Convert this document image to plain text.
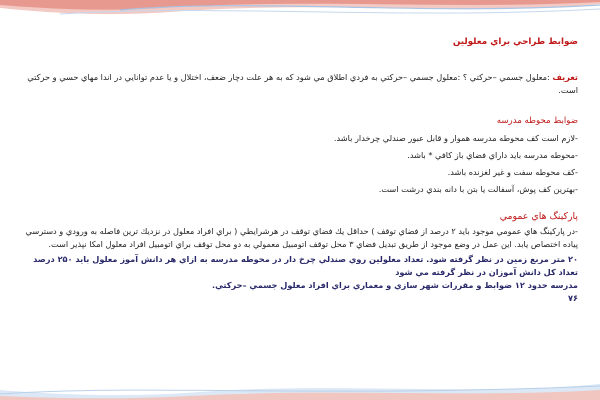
ضوابط طراحي براي معلولين
تعريف :معلول جسمي –حركتي ؟ :معلول جسمي –حركتي به فردي اطلاق مي شود كه به هر علت دچار ضعف، اختلال و يا عدم توانايي در اندا مهاي حسي و حركتي است.
ضوابط محوطه مدرسه
-لازم است كف محوطه مدرسه هموار و قابل عبور صندلي چرخدار باشد.
-محوطه مدرسه بايد داراي فضاي باز كافي * باشد.
-كف محوطه سفت و غير لغزنده باشد.
-بهترين كف پوش، آسفالت يا بتن با دانه بندي درشت است.
پاركينگ هاي عمومي
-در پاركينگ هاي عمومي موجود بايد ۲ درصد از فضاي توقف ) حداقل يك فضاي توقف در هرشرايطي ( براي افراد معلول در نزديك ترين فاصله به ورودي و دسترسي پياده اختصاص يابد. اين عمل در وضع موجود از طريق تبديل فضاي ۳ محل توقف اتومبيل معمولي به دو محل توقف براي اتومبيل افراد معلول امكا نپذير است.
۲۰ متر مربع زمين در نظر گرفته شود. تعداد معلولين روي صندلي چرخ دار در محوطه مدرسه به ازاي هر دانش آموز معلول بايد ۲۵۰ درصد تعداد كل دانش آموزان در نظر گرفته مي شود
مدرسه حدود ۱۲ ضوابط و مقررات شهر سازي و معماري براي افراد معلول جسمي –حركتي.
۷۶
